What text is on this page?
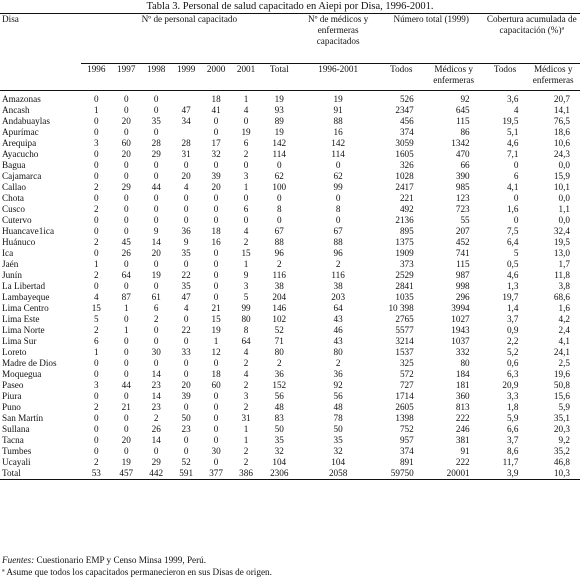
Tabla 3. Personal de salud capacitado en Aiepi por Disa, 1996-2001.
Disa	Nº de personal capacitado							Nº de médicos y enfermeras capacitados	Número total (1999)		Cobertura acumulada de capacitación (%)ª	
	1996	1997	1998	1999	2000	2001	Total	1996-2001	Todos	Médicos y enfermeras	Todos	Médicos y enfermeras
Amazonas	0	0	0		18	1	19	19	526	92	3,6	20,7
Ancash	1	0	0	47	41	4	93	91	2347	645	4	14,1
Andabuaylas	0	20	35	34	0	0	89	88	456	115	19,5	76,5
Apurímac	0	0	0		0	19	19	16	374	86	5,1	18,6
Arequipa	3	60	28	28	17	6	142	142	3059	1342	4,6	10,6
Ayacucho	0	20	29	31	32	2	114	114	1605	470	7,1	24,3
Bagua	0	0	0	0	0	0	0	0	326	66	0	0,0
Cajamarca	0	0	0	20	39	3	62	62	1028	390	6	15,9
Callao	2	29	44	4	20	1	100	99	2417	985	4,1	10,1
Chota	0	0	0	0	0	0	0	0	221	123	0	0,0
Cusco	2	0	0	0	0	6	8	8	492	723	1,6	1,1
Cutervo	0	0	0	0	0	0	0	0	2136	55	0	0,0
Huancave1ica	0	0	9	36	18	4	67	67	895	207	7,5	32,4
Huánuco	2	45	14	9	16	2	88	88	1375	452	6,4	19,5
Ica	0	26	20	35	0	15	96	96	1909	741	5	13,0
Jaén	1	0	0	0	0	1	2	2	373	115	0,5	1,7
Junín	2	64	19	22	0	9	116	116	2529	987	4,6	11,8
La Libertad	0	0	0	35	0	3	38	38	2841	998	1,3	3,8
Lambayeque	4	87	61	47	0	5	204	203	1035	296	19,7	68,6
Lima Centro	15	1	6	4	21	99	146	64	10 398	3994	1,4	1,6
Lima Este	5	0	2	0	15	80	102	43	2765	1027	3,7	4,2
Lima Norte	2	1	0	22	19	8	52	46	5577	1943	0,9	2,4
Lima Sur	6	0	0	0	1	64	71	43	3214	1037	2,2	4,1
Loreto	1	0	30	33	12	4	80	80	1537	332	5,2	24,1
Madre de Dios	0	0	0	0	0	2	2	2	325	80	0,6	2,5
Moquegua	0	0	14	0	18	4	36	36	572	184	6,3	19,6
Paseo	3	44	23	20	60	2	152	92	727	181	20,9	50,8
Piura	0	0	14	39	0	3	56	56	1714	360	3,3	15,6
Puno	2	21	23	0	0	2	48	48	2605	813	1,8	5,9
San Martín	0	0	2	50	0	31	83	78	1398	222	5,9	35,1
Sullana	0	0	26	23	0	1	50	50	752	246	6,6	20,3
Tacna	0	20	14	0	0	1	35	35	957	381	3,7	9,2
Tumbes	0	0	0	0	30	2	32	32	374	91	8,6	35,2
Ucayali	2	19	29	52	0	2	104	104	891	222	11,7	46,8
Total	53	457	442	591	377	386	2306	2058	59750	20001	3,9	10,3
Fuentes: Cuestionario EMP y Censo Minsa 1999, Perú.
ª Asume que todos los capacitados permanecieron en sus Disas de origen.
